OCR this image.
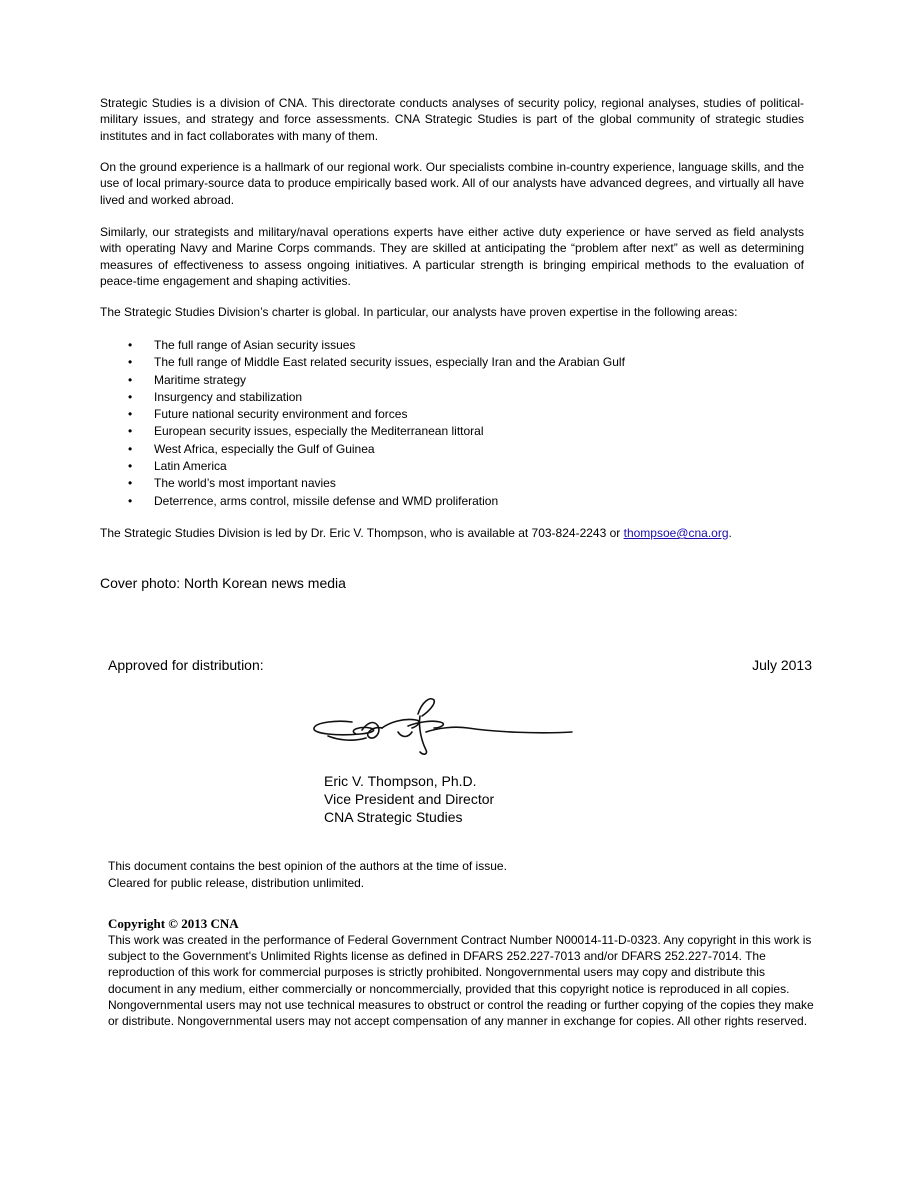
Strategic Studies is a division of CNA. This directorate conducts analyses of security policy, regional analyses, studies of political-military issues, and strategy and force assessments. CNA Strategic Studies is part of the global community of strategic studies institutes and in fact collaborates with many of them.

On the ground experience is a hallmark of our regional work. Our specialists combine in-country experience, language skills, and the use of local primary-source data to produce empirically based work. All of our analysts have advanced degrees, and virtually all have lived and worked abroad.

Similarly, our strategists and military/naval operations experts have either active duty experience or have served as field analysts with operating Navy and Marine Corps commands. They are skilled at anticipating the “problem after next” as well as determining measures of effectiveness to assess ongoing initiatives. A particular strength is bringing empirical methods to the evaluation of peace-time engagement and shaping activities.

The Strategic Studies Division’s charter is global. In particular, our analysts have proven expertise in the following areas:

• The full range of Asian security issues
• The full range of Middle East related security issues, especially Iran and the Arabian Gulf
• Maritime strategy
• Insurgency and stabilization
• Future national security environment and forces
• European security issues, especially the Mediterranean littoral
• West Africa, especially the Gulf of Guinea
• Latin America
• The world’s most important navies
• Deterrence, arms control, missile defense and WMD proliferation

The Strategic Studies Division is led by Dr. Eric V. Thompson, who is available at 703-824-2243 or thompsoe@cna.org.

Cover photo: North Korean news media

Approved for distribution:	July 2013

Eric V. Thompson, Ph.D.
Vice President and Director
CNA Strategic Studies
This document contains the best opinion of the authors at the time of issue.
Cleared for public release, distribution unlimited.

Copyright © 2013 CNA

This work was created in the performance of Federal Government Contract Number N00014-11-D-0323. Any copyright in this work is subject to the Government's Unlimited Rights license as defined in DFARS 252.227-7013 and/or DFARS 252.227-7014. The reproduction of this work for commercial purposes is strictly prohibited. Nongovernmental users may copy and distribute this document in any medium, either commercially or noncommercially, provided that this copyright notice is reproduced in all copies. Nongovernmental users may not use technical measures to obstruct or control the reading or further copying of the copies they make or distribute. Nongovernmental users may not accept compensation of any manner in exchange for copies. All other rights reserved.
